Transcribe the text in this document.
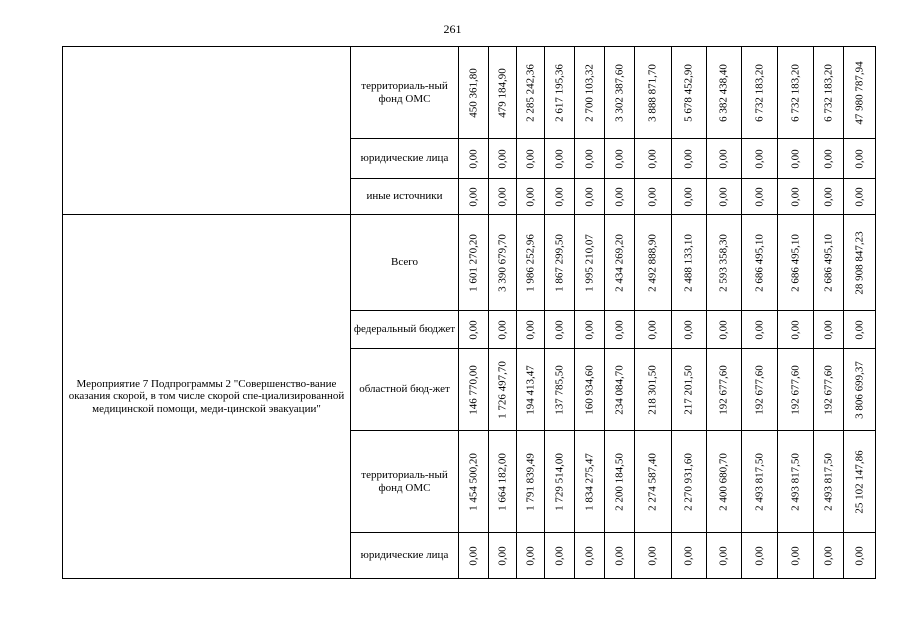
261
	территориаль-ный фонд ОМС	450 361,80	479 184,90	2 285 242,36	2 617 195,36	2 700 103,32	3 302 387,60	3 888 871,70	5 678 452,90	6 382 438,40	6 732 183,20	6 732 183,20	6 732 183,20	47 980 787,94

	юридические лица	0,00	0,00	0,00	0,00	0,00	0,00	0,00	0,00	0,00	0,00	0,00	0,00	0,00

	иные источники	0,00	0,00	0,00	0,00	0,00	0,00	0,00	0,00	0,00	0,00	0,00	0,00	0,00

Мероприятие 7 Подпрограммы 2 "Совершенство-вание оказания скорой, в том числе скорой спе-циализированной медицинской помощи, меди-цинской эвакуации"	Всего	1 601 270,20	3 390 679,70	1 986 252,96	1 867 299,50	1 995 210,07	2 434 269,20	2 492 888,90	2 488 133,10	2 593 358,30	2 686 495,10	2 686 495,10	2 686 495,10	28 908 847,23

	федеральный бюджет	0,00	0,00	0,00	0,00	0,00	0,00	0,00	0,00	0,00	0,00	0,00	0,00	0,00

	областной бюд-жет	146 770,00	1 726 497,70	194 413,47	137 785,50	160 934,60	234 084,70	218 301,50	217 201,50	192 677,60	192 677,60	192 677,60	192 677,60	3 806 699,37

	территориаль-ный фонд ОМС	1 454 500,20	1 664 182,00	1 791 839,49	1 729 514,00	1 834 275,47	2 200 184,50	2 274 587,40	2 270 931,60	2 400 680,70	2 493 817,50	2 493 817,50	2 493 817,50	25 102 147,86

	юридические лица	0,00	0,00	0,00	0,00	0,00	0,00	0,00	0,00	0,00	0,00	0,00	0,00	0,00
